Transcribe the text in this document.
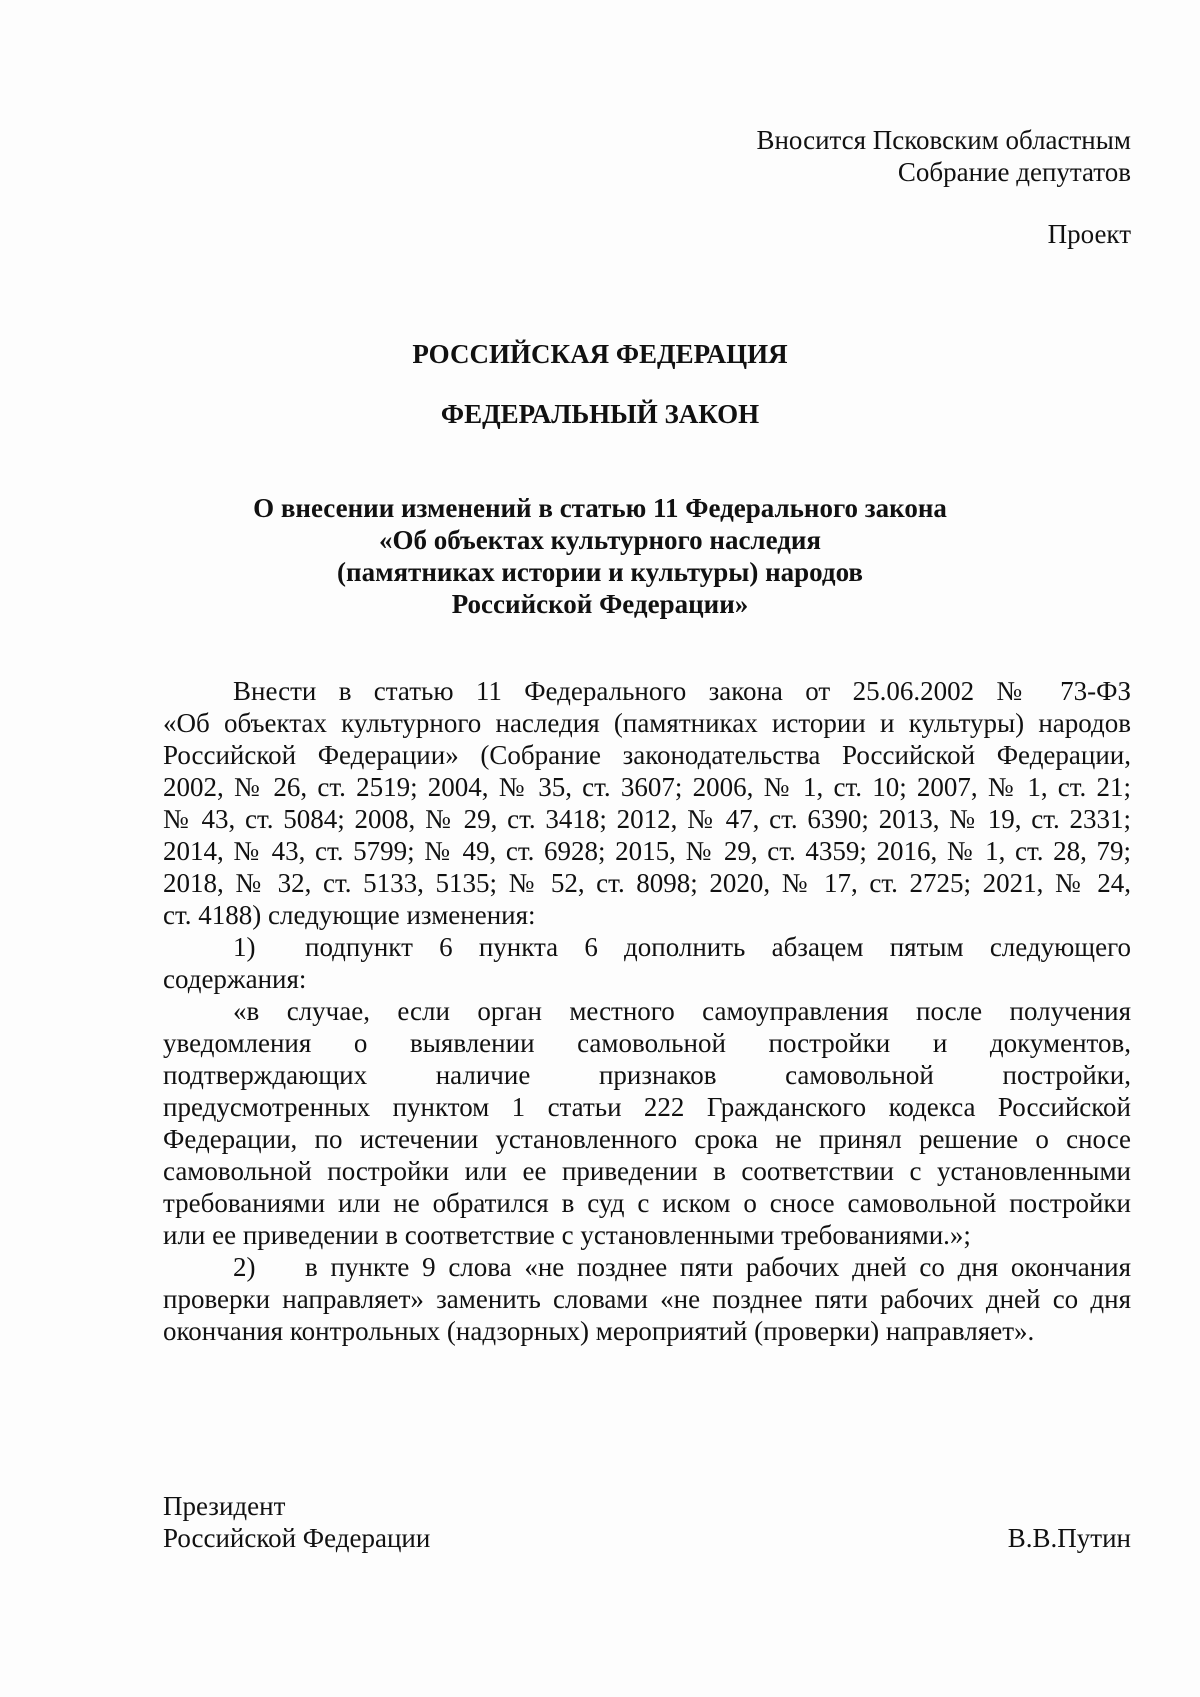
Вносится Псковским областным
Собрание депутатов
Проект
РОССИЙСКАЯ ФЕДЕРАЦИЯ
ФЕДЕРАЛЬНЫЙ ЗАКОН
О внесении изменений в статью 11 Федерального закона
«Об объектах культурного наследия
(памятниках истории и культуры) народов
Российской Федерации»
Внести в статью 11 Федерального закона от 25.06.2002 № 73-ФЗ
«Об объектах культурного наследия (памятниках истории и культуры) народов
Российской Федерации» (Собрание законодательства Российской Федерации,
2002, № 26, ст. 2519; 2004, № 35, ст. 3607; 2006, № 1, ст. 10; 2007, № 1, ст. 21;
№ 43, ст. 5084; 2008, № 29, ст. 3418; 2012, № 47, ст. 6390; 2013, № 19, ст. 2331;
2014, № 43, ст. 5799; № 49, ст. 6928; 2015, № 29, ст. 4359; 2016, № 1, ст. 28, 79;
2018, № 32, ст. 5133, 5135; № 52, ст. 8098; 2020, № 17, ст. 2725; 2021, № 24,
ст. 4188) следующие изменения:
1) подпункт 6 пункта 6 дополнить абзацем пятым следующего
содержания:
«в случае, если орган местного самоуправления после получения
уведомления о выявлении самовольной постройки и документов,
подтверждающих наличие признаков самовольной постройки,
предусмотренных пунктом 1 статьи 222 Гражданского кодекса Российской
Федерации, по истечении установленного срока не принял решение о сносе
самовольной постройки или ее приведении в соответствии с установленными
требованиями или не обратился в суд с иском о сносе самовольной постройки
или ее приведении в соответствие с установленными требованиями.»;
2) в пункте 9 слова «не позднее пяти рабочих дней со дня окончания
проверки направляет» заменить словами «не позднее пяти рабочих дней со дня
окончания контрольных (надзорных) мероприятий (проверки) направляет».
Президент
Российской Федерации	В.В.Путин
